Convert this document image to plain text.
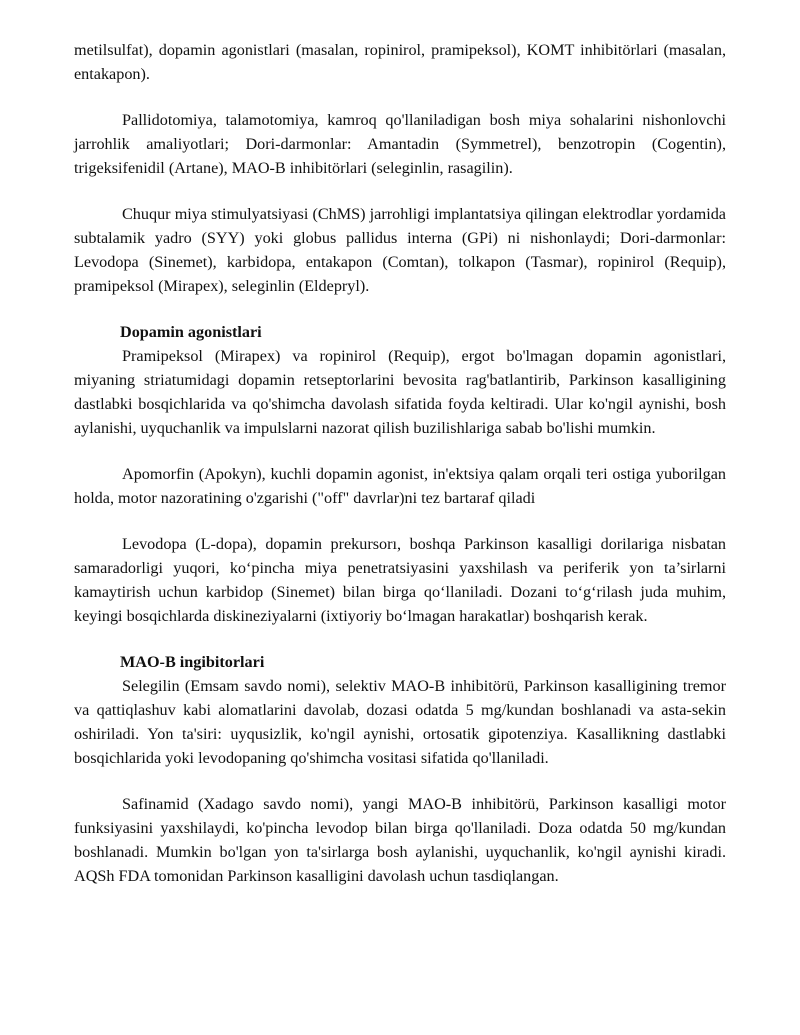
metilsulfat), dopamin agonistlari (masalan, ropinirol, pramipeksol), KOMT inhibitörlari (masalan, entakapon).

Pallidotomiya, talamotomiya, kamroq qo'llaniladigan bosh miya sohalarini nishonlovchi jarrohlik amaliyotlari; Dori-darmonlar: Amantadin (Symmetrel), benzotropin (Cogentin), trigeksifenidil (Artane), MAO-B inhibitörlari (seleginlin, rasagilin).

Chuqur miya stimulyatsiyasi (ChMS) jarrohligi implantatsiya qilingan elektrodlar yordamida subtalamik yadro (SYY) yoki globus pallidus interna (GPi) ni nishonlaydi; Dori-darmonlar: Levodopa (Sinemet), karbidopa, entakapon (Comtan), tolkapon (Tasmar), ropinirol (Requip), pramipeksol (Mirapex), seleginlin (Eldepryl).

Dopamin agonistlari

Pramipeksol (Mirapex) va ropinirol (Requip), ergot bo'lmagan dopamin agonistlari, miyaning striatumidagi dopamin retseptorlarini bevosita rag'batlantirib, Parkinson kasalligining dastlabki bosqichlarida va qo'shimcha davolash sifatida foyda keltiradi. Ular ko'ngil aynishi, bosh aylanishi, uyquchanlik va impulslarni nazorat qilish buzilishlariga sabab bo'lishi mumkin.

Apomorfin (Apokyn), kuchli dopamin agonist, in'ektsiya qalam orqali teri ostiga yuborilgan holda, motor nazoratining o'zgarishi ("off" davrlar)ni tez bartaraf qiladi

Levodopa (L-dopa), dopamin prekursorı, boshqa Parkinson kasalligi dorilariga nisbatan samaradorligi yuqori, ko‘pincha miya penetratsiyasini yaxshilash va periferik yon ta’sirlarni kamaytirish uchun karbidop (Sinemet) bilan birga qo‘llaniladi. Dozani to‘g‘rilash juda muhim, keyingi bosqichlarda diskineziyalarni (ixtiyoriy bo‘lmagan harakatlar) boshqarish kerak.

MAO-B ingibitorlari

Selegilin (Emsam savdo nomi), selektiv MAO-B inhibitörü, Parkinson kasalligining tremor va qattiqlashuv kabi alomatlarini davolab, dozasi odatda 5 mg/kundan boshlanadi va asta-sekin oshiriladi. Yon ta'siri: uyqusizlik, ko'ngil aynishi, ortosatik gipotenziya. Kasallikning dastlabki bosqichlarida yoki levodopaning qo'shimcha vositasi sifatida qo'llaniladi.

Safinamid (Xadago savdo nomi), yangi MAO-B inhibitörü, Parkinson kasalligi motor funksiyasini yaxshilaydi, ko'pincha levodop bilan birga qo'llaniladi. Doza odatda 50 mg/kundan boshlanadi. Mumkin bo'lgan yon ta'sirlarga bosh aylanishi, uyquchanlik, ko'ngil aynishi kiradi. AQSh FDA tomonidan Parkinson kasalligini davolash uchun tasdiqlangan.
